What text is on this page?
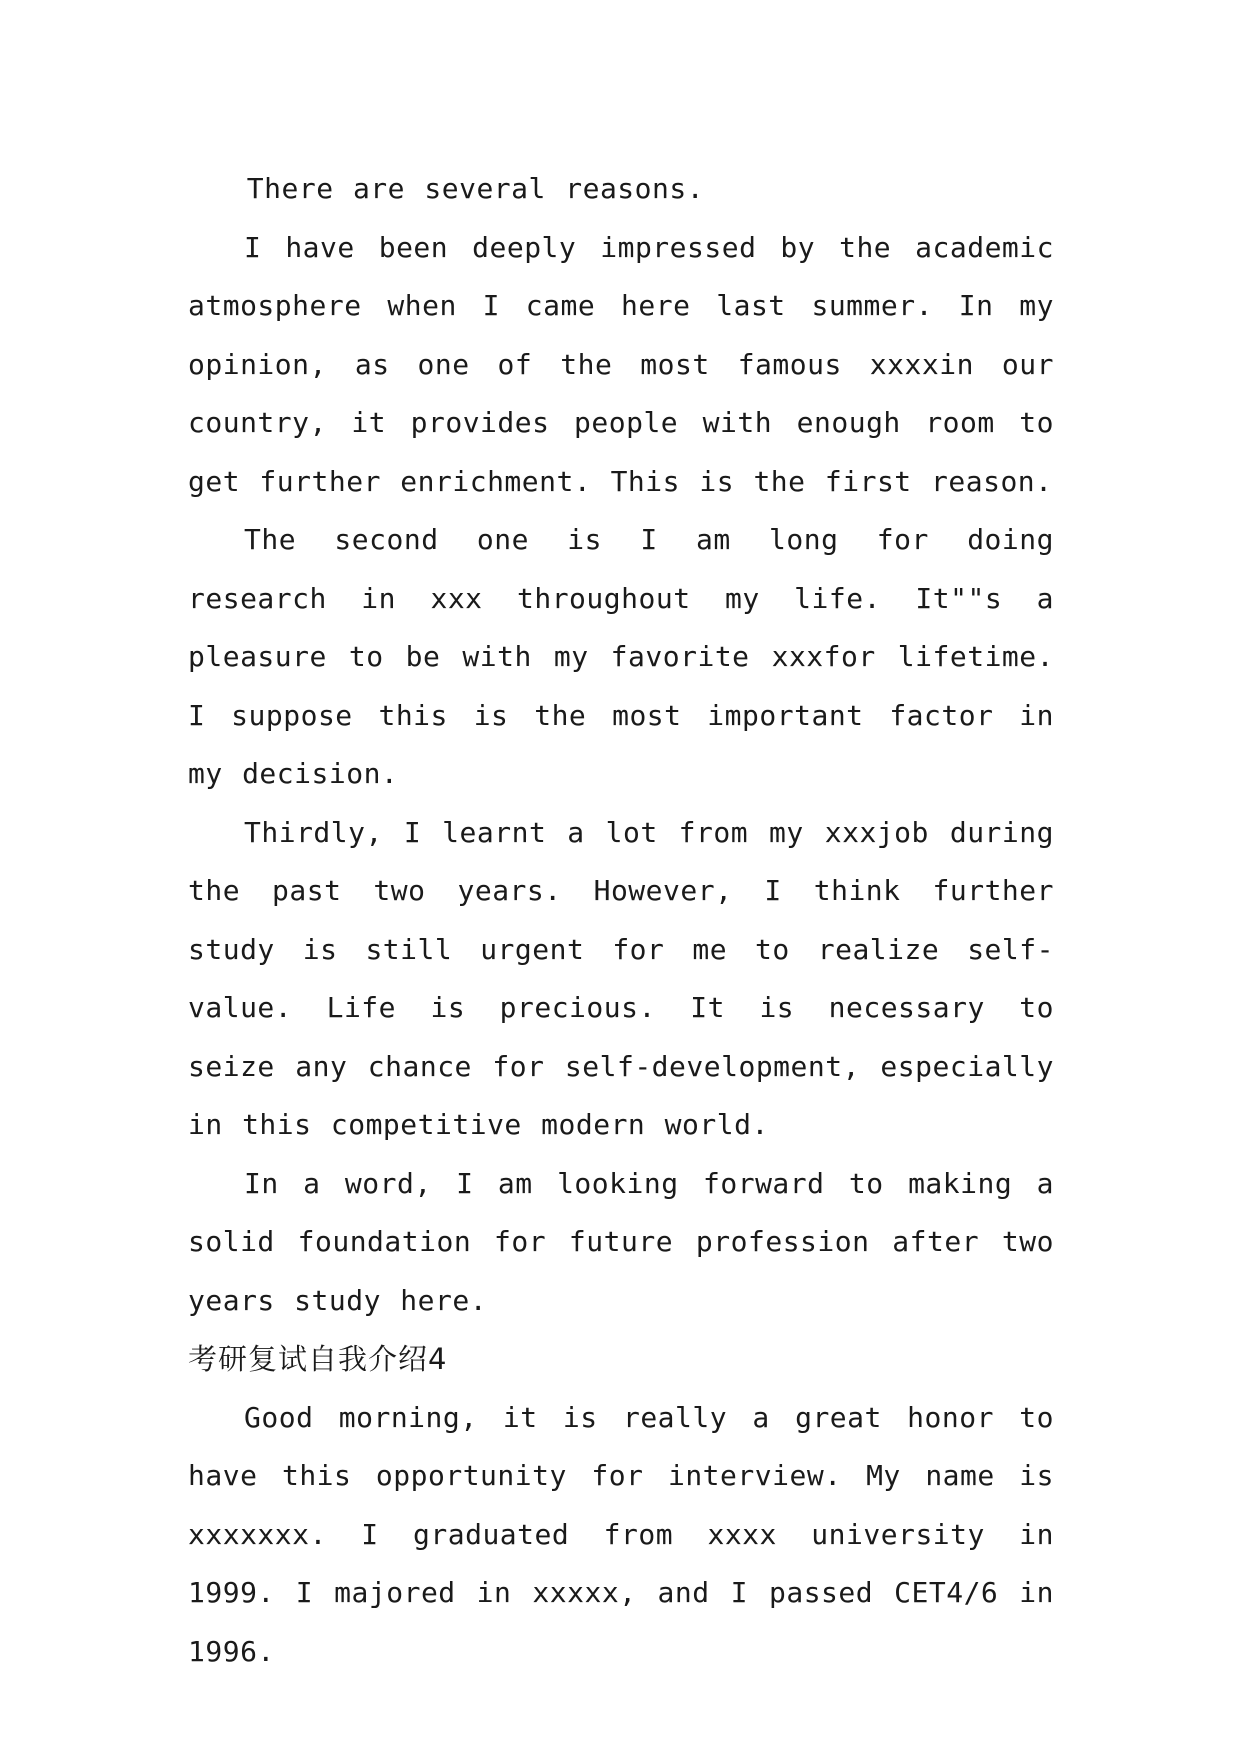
There are several reasons.

I have been deeply impressed by the academic atmosphere when I came here last summer. In my opinion, as one of the most famous xxxxin our country, it provides people with enough room to get further enrichment. This is the first reason.

The second one is I am long for doing research in xxx throughout my life. It""s a pleasure to be with my favorite xxxfor lifetime. I suppose this is the most important factor in my decision.

Thirdly, I learnt a lot from my xxxjob during the past two years. However, I think further study is still urgent for me to realize self-value. Life is precious. It is necessary to seize any chance for self-development, especially in this competitive modern world.

In a word, I am looking forward to making a solid foundation for future profession after two years study here.

考研复试自我介绍4

Good morning, it is really a great honor to have this opportunity for interview. My name is xxxxxxx. I graduated from xxxx university in 1999. I majored in xxxxx, and I passed CET4/6 in 1996.
